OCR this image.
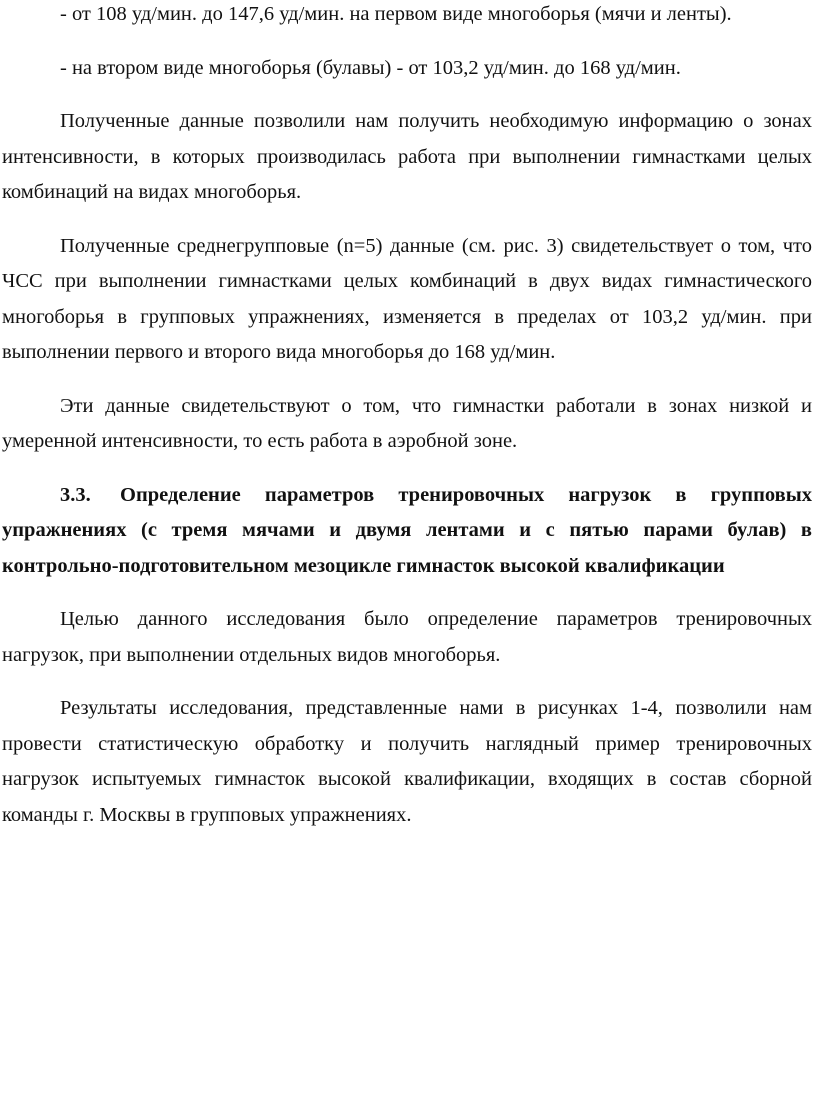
- от 108 уд/мин. до 147,6 уд/мин. на первом виде многоборья (мячи и ленты).

- на втором виде многоборья (булавы) - от 103,2 уд/мин. до 168 уд/мин.

Полученные данные позволили нам получить необходимую информацию о зонах интенсивности, в которых производилась работа при выполнении гимнастками целых комбинаций на видах многоборья.

Полученные среднегрупповые (n=5) данные (см. рис. 3) свидетельствует о том, что ЧСС при выполнении гимнастками целых комбинаций в двух видах гимнастического многоборья в групповых упражнениях, изменяется в пределах от 103,2 уд/мин. при выполнении первого и второго вида многоборья до 168 уд/мин.

Эти данные свидетельствуют о том, что гимнастки работали в зонах низкой и умеренной интенсивности, то есть работа в аэробной зоне.

3.3. Определение параметров тренировочных нагрузок в групповых упражнениях (с тремя мячами и двумя лентами и с пятью парами булав) в контрольно-подготовительном мезоцикле гимнасток высокой квалификации

Целью данного исследования было определение параметров тренировочных нагрузок, при выполнении отдельных видов многоборья.

Результаты исследования, представленные нами в рисунках 1-4, позволили нам провести статистическую обработку и получить наглядный пример тренировочных нагрузок испытуемых гимнасток высокой квалификации, входящих в состав сборной команды г. Москвы в групповых упражнениях.
